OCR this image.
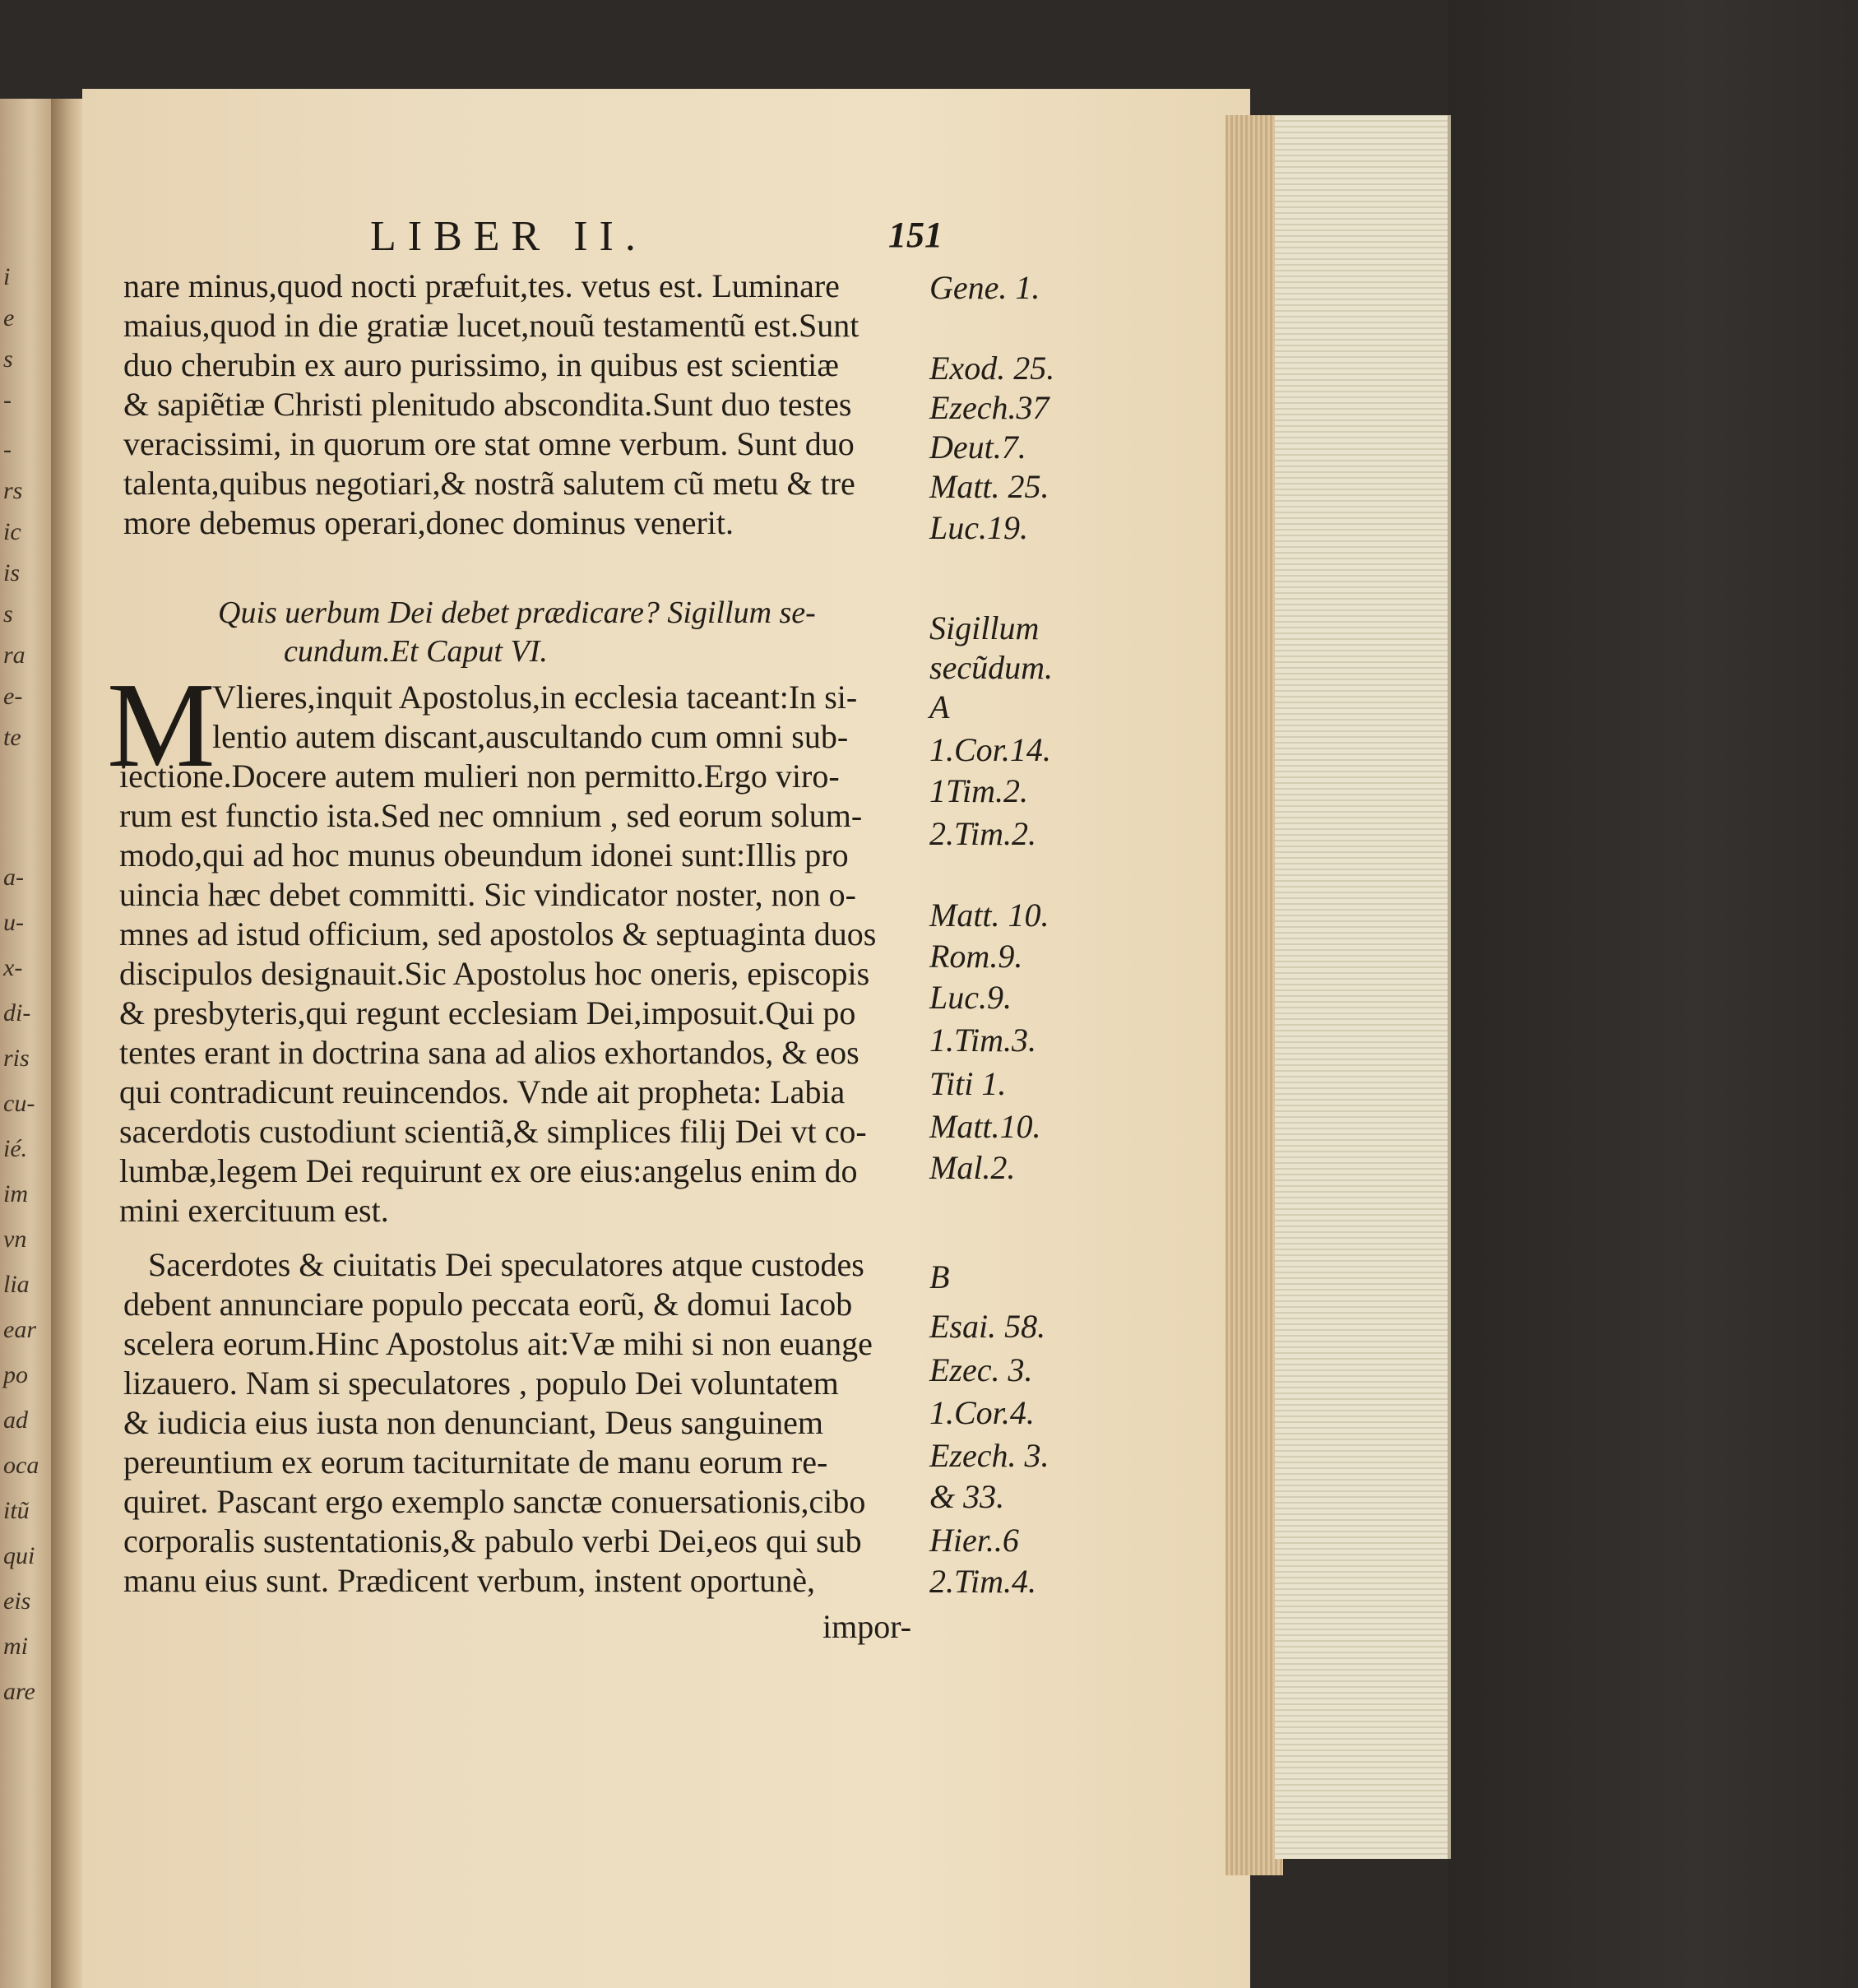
i
e
s
-
-
rs
ic
is
s
ra
e-
te
a-
u-
x-
di-
ris
cu-
ié.
im
vn
lia
ear
po
ad
oca
itũ
qui
eis
mi
are
LIBER II.	151
nare minus,quod nocti præfuit,tes. vetus est. Luminare
maius,quod in die gratiæ lucet,nouũ testamentũ est.Sunt
duo cherubin ex auro purissimo, in quibus est scientiæ
& sapiẽtiæ Christi plenitudo abscondita.Sunt duo testes
veracissimi, in quorum ore stat omne verbum. Sunt duo
talenta,quibus negotiari,& nostrã salutem cũ metu & tre
more debemus operari,donec dominus venerit.
Quis uerbum Dei debet prædicare? Sigillum se-
cundum.Et Caput VI.
M
Vlieres,inquit Apostolus,in ecclesia taceant:In si-
lentio autem discant,auscultando cum omni sub-
iectione.Docere autem mulieri non permitto.Ergo viro-
rum est functio ista.Sed nec omnium , sed eorum solum-
modo,qui ad hoc munus obeundum idonei sunt:Illis pro
uincia hæc debet committi. Sic vindicator noster, non o-
mnes ad istud officium, sed apostolos & septuaginta duos
discipulos designauit.Sic Apostolus hoc oneris, episcopis
& presbyteris,qui regunt ecclesiam Dei,imposuit.Qui po
tentes erant in doctrina sana ad alios exhortandos, & eos
qui contradicunt reuincendos. Vnde ait propheta: Labia
sacerdotis custodiunt scientiã,& simplices filij Dei vt co-
lumbæ,legem Dei requirunt ex ore eius:angelus enim do
mini exercituum est.
Sacerdotes & ciuitatis Dei speculatores atque custodes
debent annunciare populo peccata eorũ, & domui Iacob
scelera eorum.Hinc Apostolus ait:Væ mihi si non euange
lizauero. Nam si speculatores , populo Dei voluntatem
& iudicia eius iusta non denunciant, Deus sanguinem
pereuntium ex eorum taciturnitate de manu eorum re-
quiret. Pascant ergo exemplo sanctæ conuersationis,cibo
corporalis sustentationis,& pabulo verbi Dei,eos qui sub
manu eius sunt. Prædicent verbum, instent oportunè,
impor-
Gene. 1.
Exod. 25.
Ezech.37
Deut.7.
Matt. 25.
Luc.19.
Sigillum
secũdum.
A
1.Cor.14.
1Tim.2.
2.Tim.2.
Matt. 10.
Rom.9.
Luc.9.
1.Tim.3.
Titi 1.
Matt.10.
Mal.2.
B
Esai. 58.
Ezec. 3.
1.Cor.4.
Ezech. 3.
& 33.
Hier..6
2.Tim.4.
